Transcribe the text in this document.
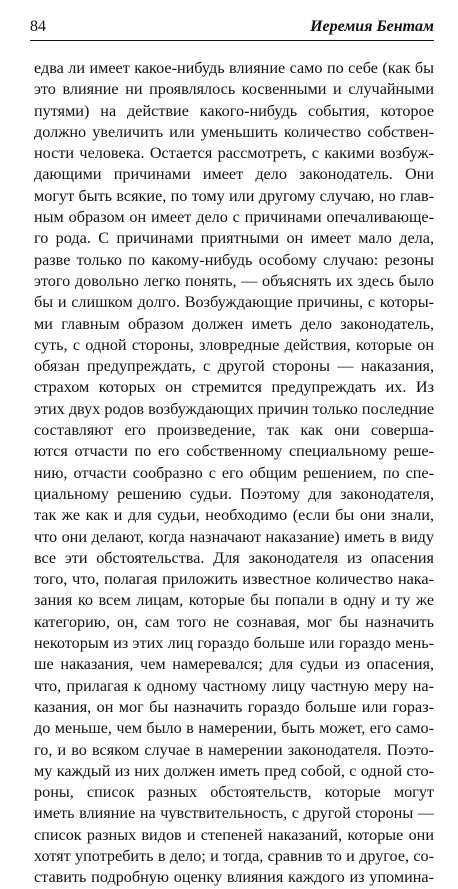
84	Иеремия Бентам
едва ли имеет какое-нибудь влияние само по себе (как бы
это влияние ни проявлялось косвенными и случайными
путями) на действие какого-нибудь события, которое
должно увеличить или уменьшить количество собствен-
ности человека. Остается рассмотреть, с какими возбуж-
дающими причинами имеет дело законодатель. Они
могут быть всякие, по тому или другому случаю, но глав-
ным образом он имеет дело с причинами опечаливающе-
го рода. С причинами приятными он имеет мало дела,
разве только по какому-нибудь особому случаю: резоны
этого довольно легко понять, — объяснять их здесь было
бы и слишком долго. Возбуждающие причины, с которы-
ми главным образом должен иметь дело законодатель,
суть, с одной стороны, зловредные действия, которые он
обязан предупреждать, с другой стороны — наказания,
страхом которых он стремится предупреждать их. Из
этих двух родов возбуждающих причин только последние
составляют его произведение, так как они совершa-
ются отчасти по его собственному специальному реше-
нию, отчасти сообразно с его общим решением, по спе-
циальному решению судьи. Поэтому для законодателя,
так же как и для судьи, необходимо (если бы они знали,
что они делают, когда назначают наказание) иметь в виду
все эти обстоятельства. Для законодателя из опасения
того, что, полагая приложить известное количество нака-
зания ко всем лицам, которые бы попали в одну и ту же
категорию, он, сам того не сознавая, мог бы назначить
некоторым из этих лиц гораздо больше или гораздо мень-
ше наказания, чем намеревался; для судьи из опасения,
что, прилагая к одному частному лицу частную меру на-
казания, он мог бы назначить гораздо больше или гораз-
до меньше, чем было в намерении, быть может, его само-
го, и во всяком случае в намерении законодателя. Поэто-
му каждый из них должен иметь пред собой, с одной сто-
роны, список разных обстоятельств, которые могут
иметь влияние на чувствительность, с другой стороны —
список разных видов и степеней наказаний, которые они
хотят употребить в дело; и тогда, сравнив то и другое, со-
ставить подробную оценку влияния каждого из упомина-
